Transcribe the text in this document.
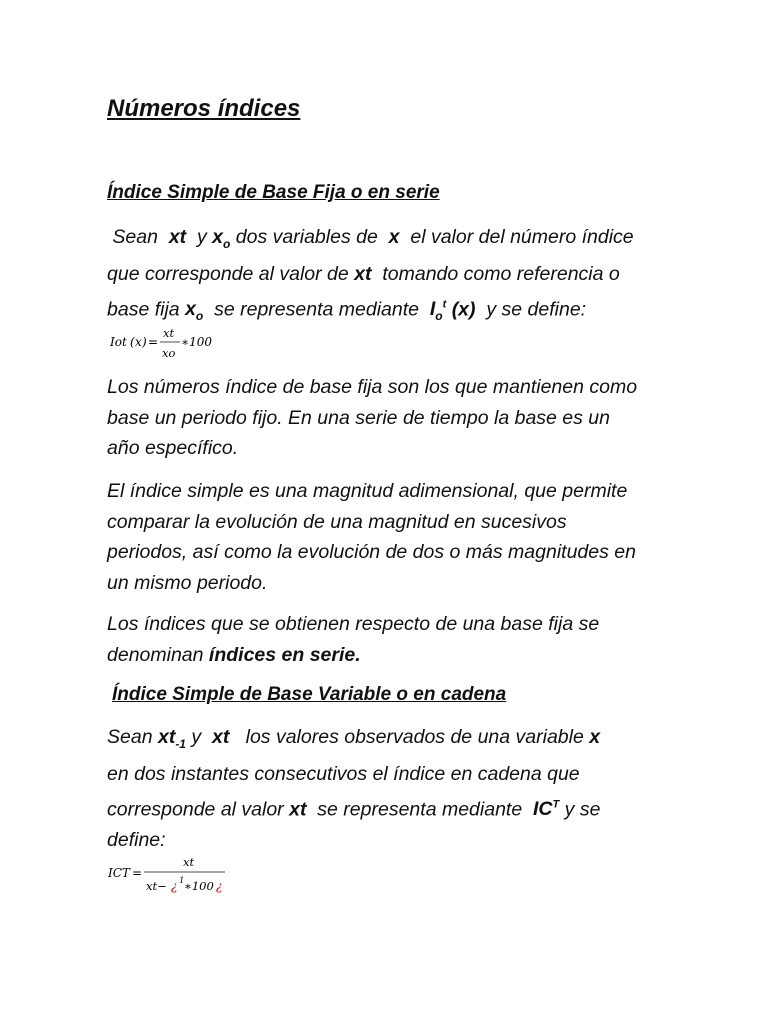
Números índices
Índice Simple de Base Fija o en serie
Sean xt y $x_o$ dos variables de x el valor del número índice
que corresponde al valor de xt tomando como referencia o
base fija $x_o$ se representa mediante $I_o^t$ (x) y se define:
Iot ( x ) =
xt
xo
∗100
Los números índice de base fija son los que mantienen como
base un periodo fijo. En una serie de tiempo la base es un
año específico.
El índice simple es una magnitud adimensional, que permite
comparar la evolución de una magnitud en sucesivos
periodos, así como la evolución de dos o más magnitudes en
un mismo periodo.
Los índices que se obtienen respecto de una base fija se
denominan índices en serie.
Índice Simple de Base Variable o en cadena
Sean $xt_{-1}$ y xt los valores observados de una variable x
en dos instantes consecutivos el índice en cadena que
corresponde al valor xt se representa mediante $IC^T$ y se
define:
ICT =
xt
xt− ¿ 1 ∗100 ¿
